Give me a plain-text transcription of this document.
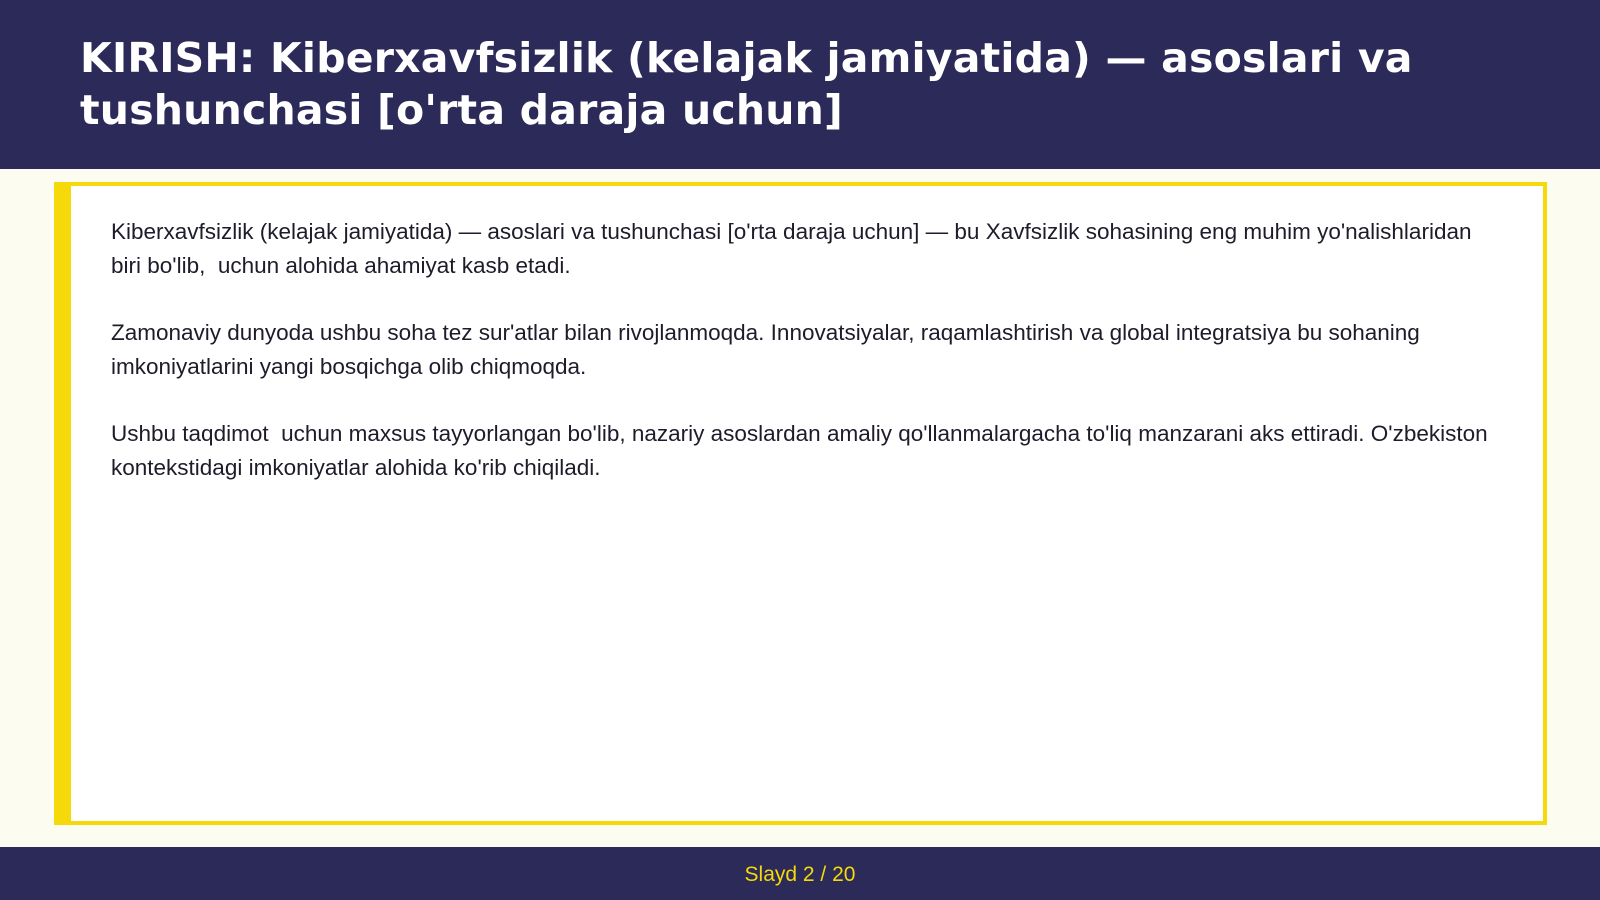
KIRISH: Kiberxavfsizlik (kelajak jamiyatida) — asoslari va tushunchasi [o'rta daraja uchun]

Kiberxavfsizlik (kelajak jamiyatida) — asoslari va tushunchasi [o'rta daraja uchun] — bu Xavfsizlik sohasining eng muhim yo'nalishlaridan biri bo'lib,  uchun alohida ahamiyat kasb etadi.

Zamonaviy dunyoda ushbu soha tez sur'atlar bilan rivojlanmoqda. Innovatsiyalar, raqamlashtirish va global integratsiya bu sohaning imkoniyatlarini yangi bosqichga olib chiqmoqda.

Ushbu taqdimot  uchun maxsus tayyorlangan bo'lib, nazariy asoslardan amaliy qo'llanmalargacha to'liq manzarani aks ettiradi. O'zbekiston kontekstidagi imkoniyatlar alohida ko'rib chiqiladi.

Slayd 2 / 20
